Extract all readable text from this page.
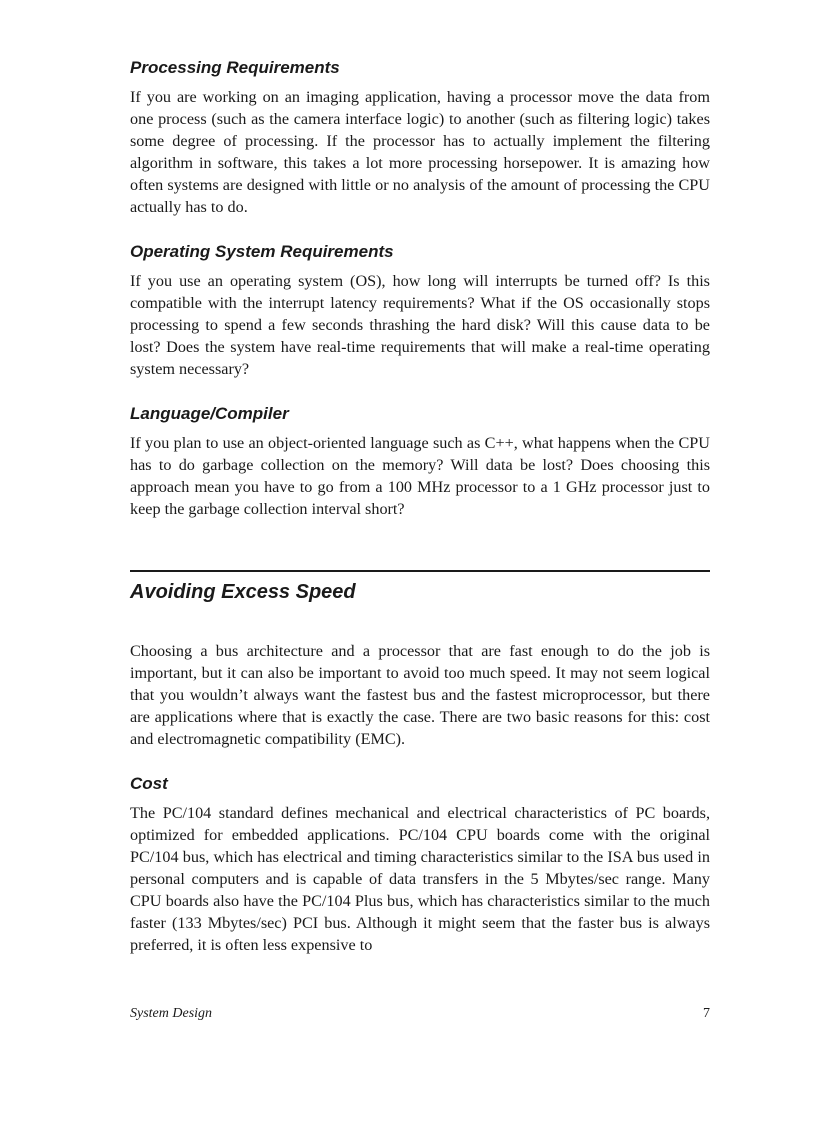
Processing Requirements

If you are working on an imaging application, having a processor move the data from one process (such as the camera interface logic) to another (such as filtering logic) takes some degree of processing. If the processor has to actually implement the filtering algorithm in software, this takes a lot more processing horsepower. It is amazing how often systems are designed with little or no analysis of the amount of processing the CPU actually has to do.

Operating System Requirements

If you use an operating system (OS), how long will interrupts be turned off? Is this compatible with the interrupt latency requirements? What if the OS occasionally stops processing to spend a few seconds thrashing the hard disk? Will this cause data to be lost? Does the system have real-time requirements that will make a real-time operating system necessary?

Language/Compiler

If you plan to use an object-oriented language such as C++, what happens when the CPU has to do garbage collection on the memory? Will data be lost? Does choosing this approach mean you have to go from a 100 MHz processor to a 1 GHz processor just to keep the garbage collection interval short?

Avoiding Excess Speed

Choosing a bus architecture and a processor that are fast enough to do the job is important, but it can also be important to avoid too much speed. It may not seem logical that you wouldn’t always want the fastest bus and the fastest microprocessor, but there are applications where that is exactly the case. There are two basic reasons for this: cost and electromagnetic compatibility (EMC).

Cost

The PC/104 standard defines mechanical and electrical characteristics of PC boards, optimized for embedded applications. PC/104 CPU boards come with the original PC/104 bus, which has electrical and timing characteristics similar to the ISA bus used in personal computers and is capable of data transfers in the 5 Mbytes/sec range. Many CPU boards also have the PC/104 Plus bus, which has characteristics similar to the much faster (133 Mbytes/sec) PCI bus. Although it might seem that the faster bus is always preferred, it is often less expensive to

System Design	7
